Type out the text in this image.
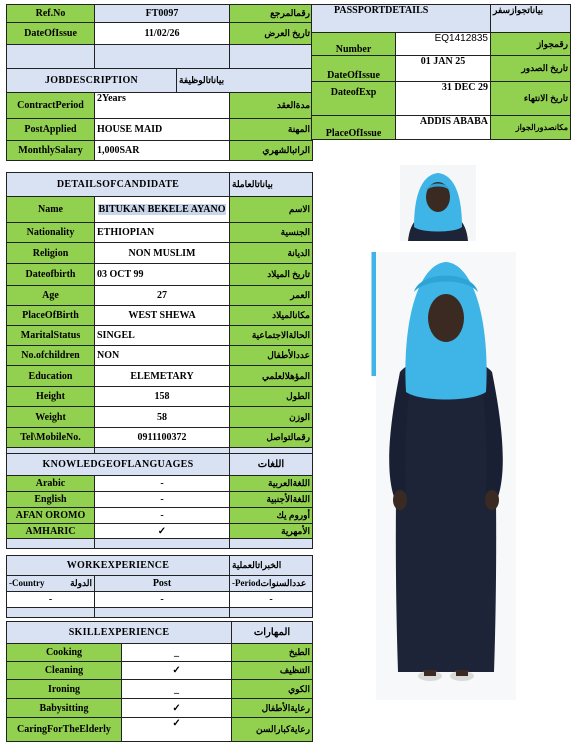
Ref.No	FT0097	رقمالمرجع
DateOfIssue	11/02/26	تاريخ العرض

JOBDESCRIPTION		بياناتالوظيفة	
ContractPeriod	2Years		مدةالعقد
PostApplied	HOUSE MAID		المهنة
MonthlySalary	1,000SAR		الراتبالشهري
DETAILSOFCANDIDATE		بياناتالعاملة
Name	BITUKAN BEKELE AYANO	الاسم
Nationality	ETHIOPIAN	الجنسية
Religion	NON MUSLIM	الديانة
Dateofbirth	03 OCT 99	تاريخ الميلاد
Age	27	العمر
PlaceOfBirth	WEST SHEWA	مكانالميلاد
MaritalStatus	SINGEL	الحالةالاجتماعية
No.ofchildren	NON	عددالأطفال
Education	ELEMETARY	المؤهلالعلمي
Height	158	الطول
Weight	58	الوزن
Tel\MobileNo.	0911100372	رقمالتواصل

KNOWLEDGEOFLANGUAGES		اللغات
Arabic	-	اللغةالعربية
English	-	اللغةالأجنبية
AFAN OROMO	-	أوروم يك
AMHARIC	✓	الأمهرية

WORKEXPERIENCE		الخبراتالعملية
-Country الدولة	Post	-Periodعددالسنوات
-	-	-

SKILLEXPERIENCE		المهارات
Cooking	_	الطبخ
Cleaning	✓	التنظيف
Ironing	_	الكوي
Babysitting	✓	رعايةالأطفال
CaringForTheElderly	✓	رعايةكبارالسن
PASSPORTDETAILS		بياناتجوازسفر
Number	EQ1412835	رقمجواز
DateOfIssue	01 JAN 25	تاريخ الصدور
DateofExp	31 DEC 29	تاريخ الانتهاء
PlaceOfIssue	ADDIS ABABA	مكانصدورالجواز
